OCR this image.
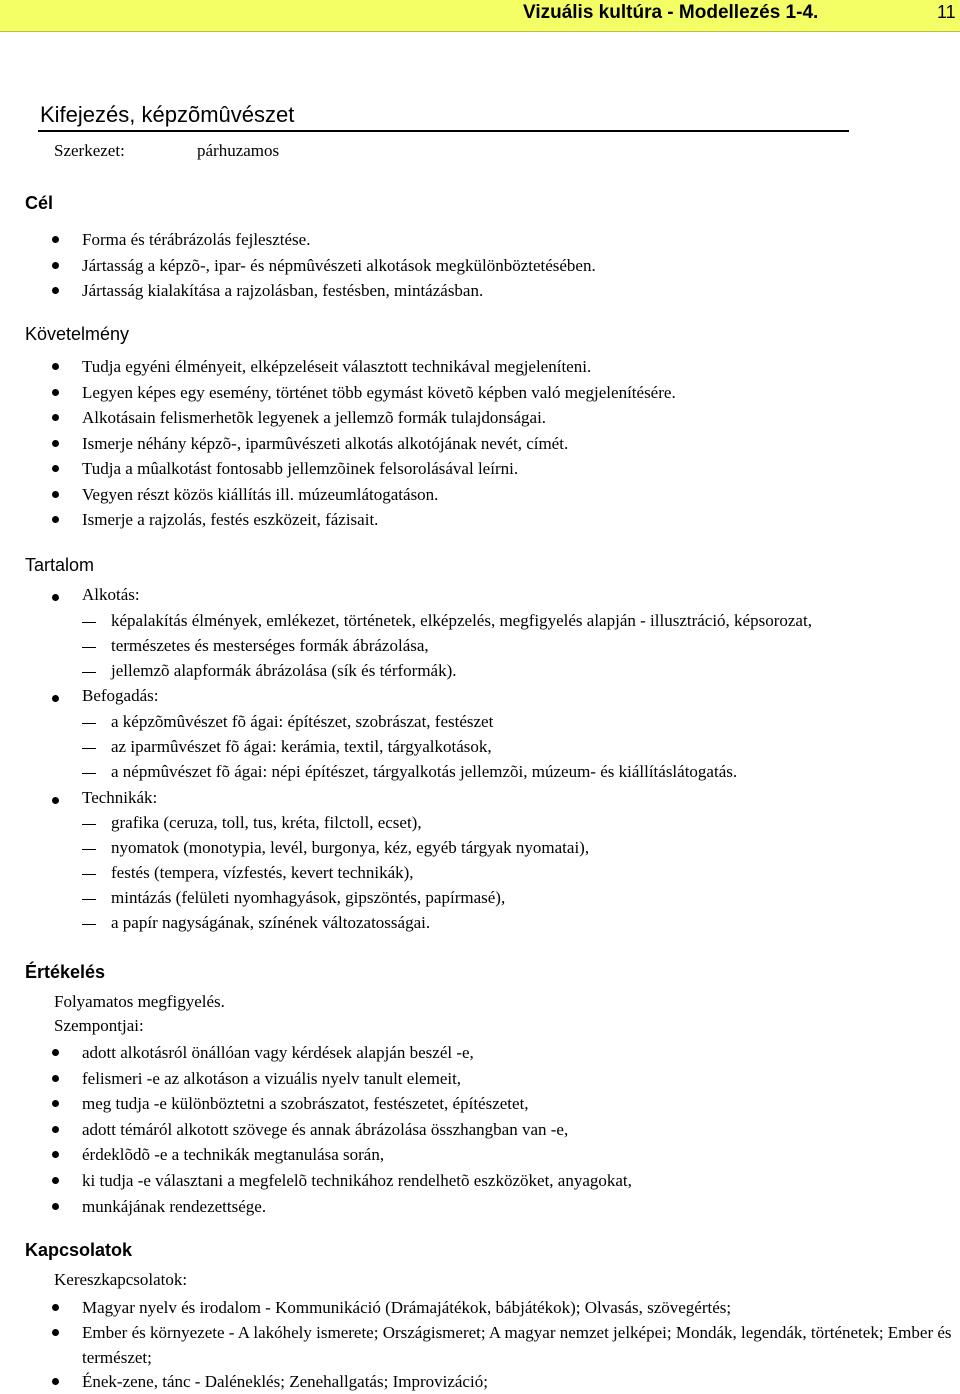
Vizuális kultúra - Modellezés 1-4.	11
Kifejezés, képzõmûvészet
Szerkezet:	párhuzamos
Cél
Forma és térábrázolás fejlesztése.
Jártasság a képzõ-, ipar- és népmûvészeti alkotások megkülönböztetésében.
Jártasság kialakítása a rajzolásban, festésben, mintázásban.
Követelmény
Tudja egyéni élményeit, elképzeléseit választott technikával megjeleníteni.
Legyen képes egy esemény, történet több egymást követõ képben való megjelenítésére.
Alkotásain felismerhetõk legyenek a jellemzõ formák tulajdonságai.
Ismerje néhány képzõ-, iparmûvészeti alkotás alkotójának nevét, címét.
Tudja a mûalkotást fontosabb jellemzõinek felsorolásával leírni.
Vegyen részt közös kiállítás ill. múzeumlátogatáson.
Ismerje a rajzolás, festés eszközeit, fázisait.
Tartalom
Alkotás:
képalakítás élmények, emlékezet, történetek, elképzelés, megfigyelés alapján - illusztráció, képsorozat,
természetes és mesterséges formák ábrázolása,
jellemzõ alapformák ábrázolása (sík és térformák).
Befogadás:
a képzõmûvészet fõ ágai: építészet, szobrászat, festészet
az iparmûvészet fõ ágai: kerámia, textil, tárgyalkotások,
a népmûvészet fõ ágai: népi építészet, tárgyalkotás jellemzõi, múzeum- és kiállításlátogatás.
Technikák:
grafika (ceruza, toll, tus, kréta, filctoll, ecset),
nyomatok (monotypia, levél, burgonya, kéz, egyéb tárgyak nyomatai),
festés (tempera, vízfestés, kevert technikák),
mintázás (felületi nyomhagyások, gipszöntés, papírmasé),
a papír nagyságának, színének változatosságai.
Értékelés
Folyamatos megfigyelés.
Szempontjai:
adott alkotásról önállóan vagy kérdések alapján beszél -e,
felismeri -e az alkotáson a vizuális nyelv tanult elemeit,
meg tudja -e különböztetni a szobrászatot, festészetet, építészetet,
adott témáról alkotott szövege és annak ábrázolása összhangban van -e,
érdeklõdõ -e a technikák megtanulása során,
ki tudja -e választani a megfelelõ technikához rendelhetõ eszközöket, anyagokat,
munkájának rendezettsége.
Kapcsolatok
Kereszkapcsolatok:
Magyar nyelv és irodalom - Kommunikáció (Drámajátékok, bábjátékok); Olvasás, szövegértés;
Ember és környezete - A lakóhely ismerete; Országismeret; A magyar nemzet jelképei; Mondák, legendák, történetek; Ember és természet;
Ének-zene, tánc - Daléneklés; Zenehallgatás; Improvizáció;
